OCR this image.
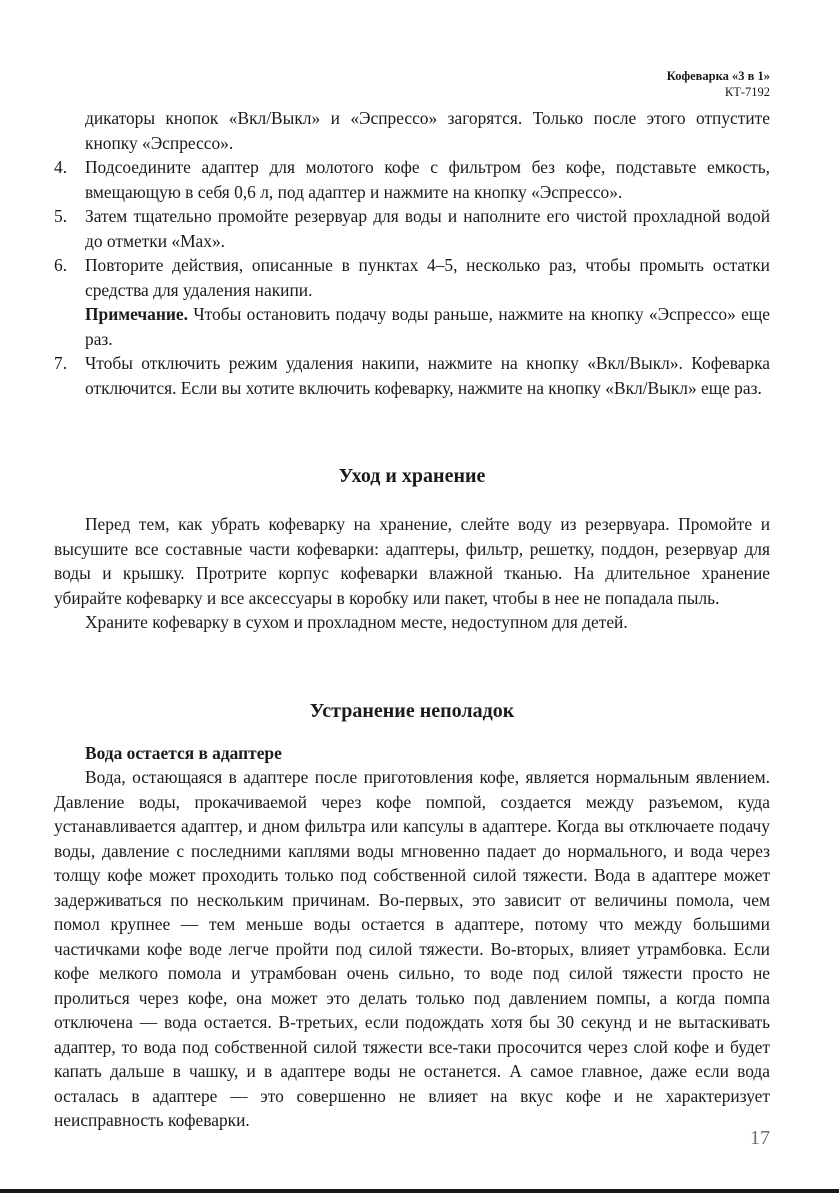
Кофеварка «3 в 1»
КТ-7192

дикаторы кнопок «Вкл/Выкл» и «Эспрессо» загорятся. Только после этого отпустите кнопку «Эспрессо».

4. Подсоедините адаптер для молотого кофе с фильтром без кофе, подставьте емкость, вмещающую в себя 0,6 л, под адаптер и нажмите на кнопку «Эспрессо».
5. Затем тщательно промойте резервуар для воды и наполните его чистой прохладной водой до отметки «Max».
6. Повторите действия, описанные в пунктах 4–5, несколько раз, чтобы промыть остатки средства для удаления накипи.

Примечание. Чтобы остановить подачу воды раньше, нажмите на кнопку «Эспрессо» еще раз.

7. Чтобы отключить режим удаления накипи, нажмите на кнопку «Вкл/Выкл». Кофеварка отключится. Если вы хотите включить кофеварку, нажмите на кнопку «Вкл/Выкл» еще раз.
Уход и хранение

Перед тем, как убрать кофеварку на хранение, слейте воду из резервуара. Промойте и высушите все составные части кофеварки: адаптеры, фильтр, решетку, поддон, резервуар для воды и крышку. Протрите корпус кофеварки влажной тканью. На длительное хранение убирайте кофеварку и все аксессуары в коробку или пакет, чтобы в нее не попадала пыль.

Храните кофеварку в сухом и прохладном месте, недоступном для детей.

Устранение неполадок
Вода остается в адаптере

Вода, остающаяся в адаптере после приготовления кофе, является нормальным явлением. Давление воды, прокачиваемой через кофе помпой, создается между разъемом, куда устанавливается адаптер, и дном фильтра или капсулы в адаптере. Когда вы отключаете подачу воды, давление с последними каплями воды мгновенно падает до нормального, и вода через толщу кофе может проходить только под собственной силой тяжести. Вода в адаптере может задерживаться по нескольким причинам. Во-первых, это зависит от величины помола, чем помол крупнее — тем меньше воды остается в адаптере, потому что между большими частичками кофе воде легче пройти под силой тяжести. Во-вторых, влияет утрамбовка. Если кофе мелкого помола и утрамбован очень сильно, то воде под силой тяжести просто не пролиться через кофе, она может это делать только под давлением помпы, а когда помпа отключена — вода остается. В-третьих, если подождать хотя бы 30 секунд и не вытаскивать адаптер, то вода под собственной силой тяжести все-таки просочится через слой кофе и будет капать дальше в чашку, и в адаптере воды не останется. А самое главное, даже если вода осталась в адаптере — это совершенно не влияет на вкус кофе и не характеризует неисправность кофеварки.

17
